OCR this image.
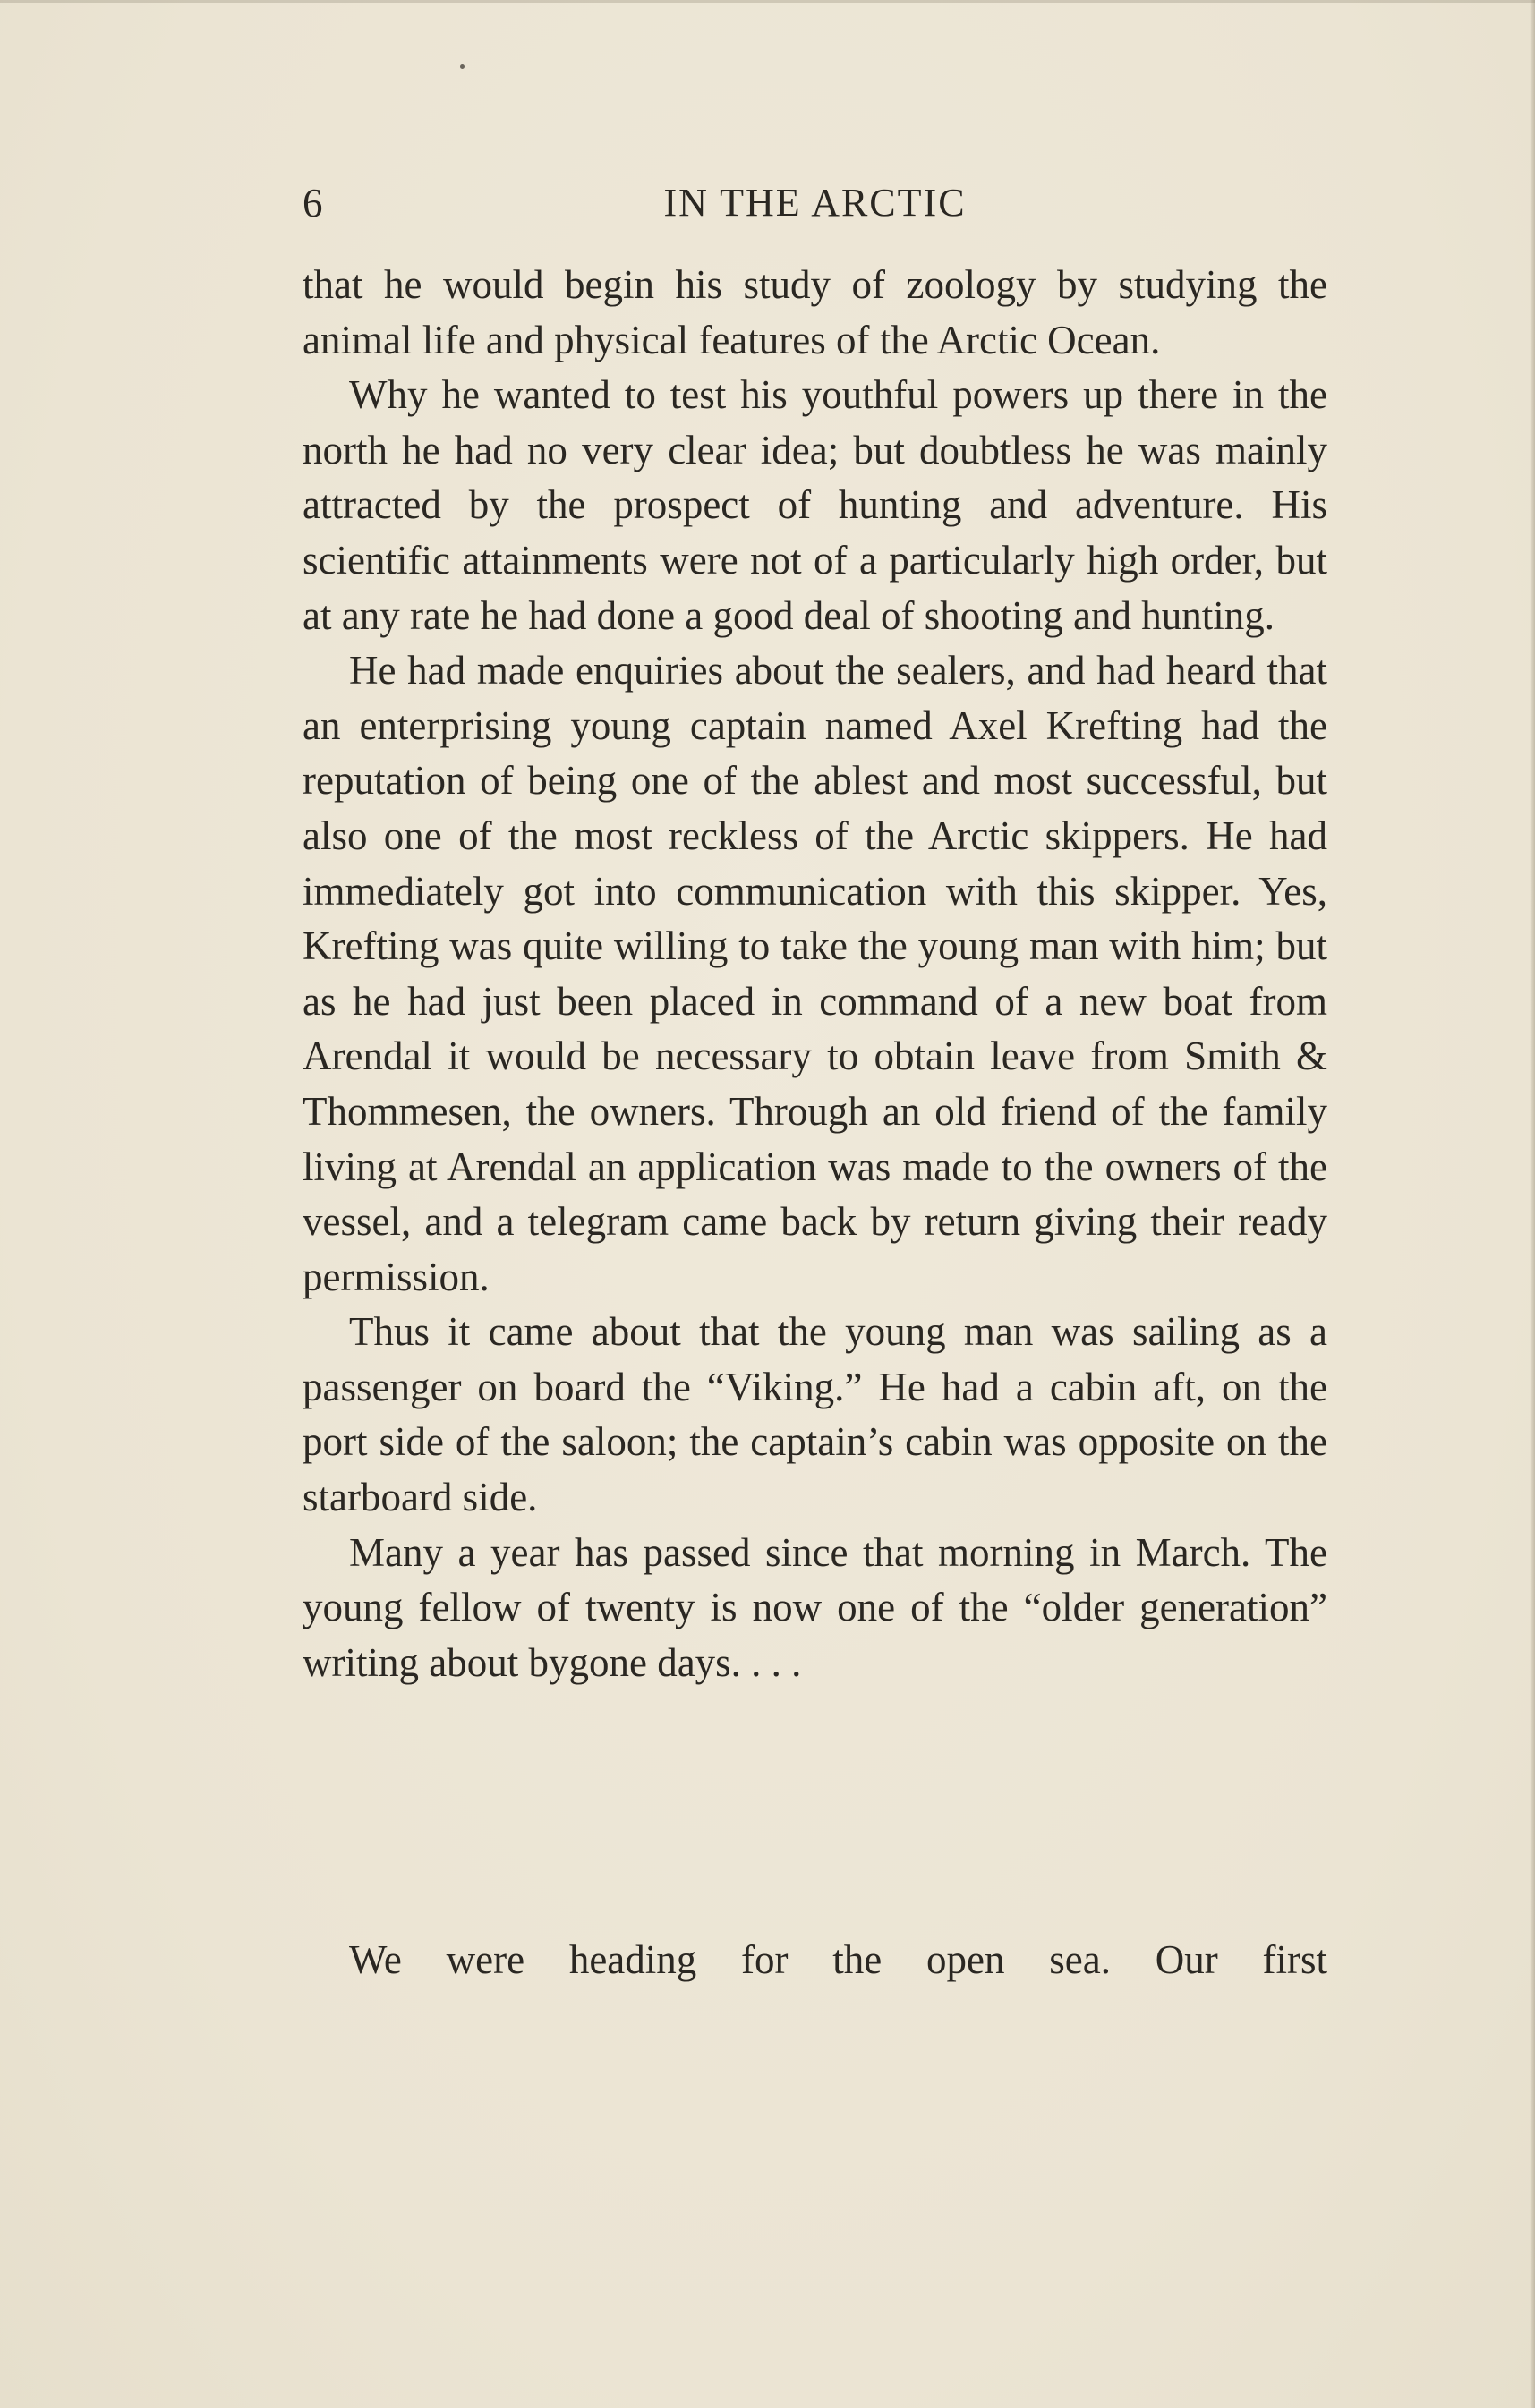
6	IN THE ARCTIC

that he would begin his study of zoology by studying the animal life and physical features of the Arctic Ocean.

Why he wanted to test his youthful powers up there in the north he had no very clear idea; but doubtless he was mainly attracted by the prospect of hunting and adventure. His scientific attainments were not of a particularly high order, but at any rate he had done a good deal of shooting and hunting.

He had made enquiries about the sealers, and had heard that an enterprising young captain named Axel Krefting had the reputation of being one of the ablest and most successful, but also one of the most reckless of the Arctic skippers. He had immediately got into communication with this skipper. Yes, Krefting was quite willing to take the young man with him; but as he had just been placed in command of a new boat from Arendal it would be necessary to obtain leave from Smith & Thommesen, the owners. Through an old friend of the family living at Arendal an application was made to the owners of the vessel, and a telegram came back by return giving their ready permission.

Thus it came about that the young man was sailing as a passenger on board the “Viking.” He had a cabin aft, on the port side of the saloon; the captain’s cabin was opposite on the starboard side.

Many a year has passed since that morning in March. The young fellow of twenty is now one of the “older generation” writing about bygone days. . . .

We were heading for the open sea. Our first
